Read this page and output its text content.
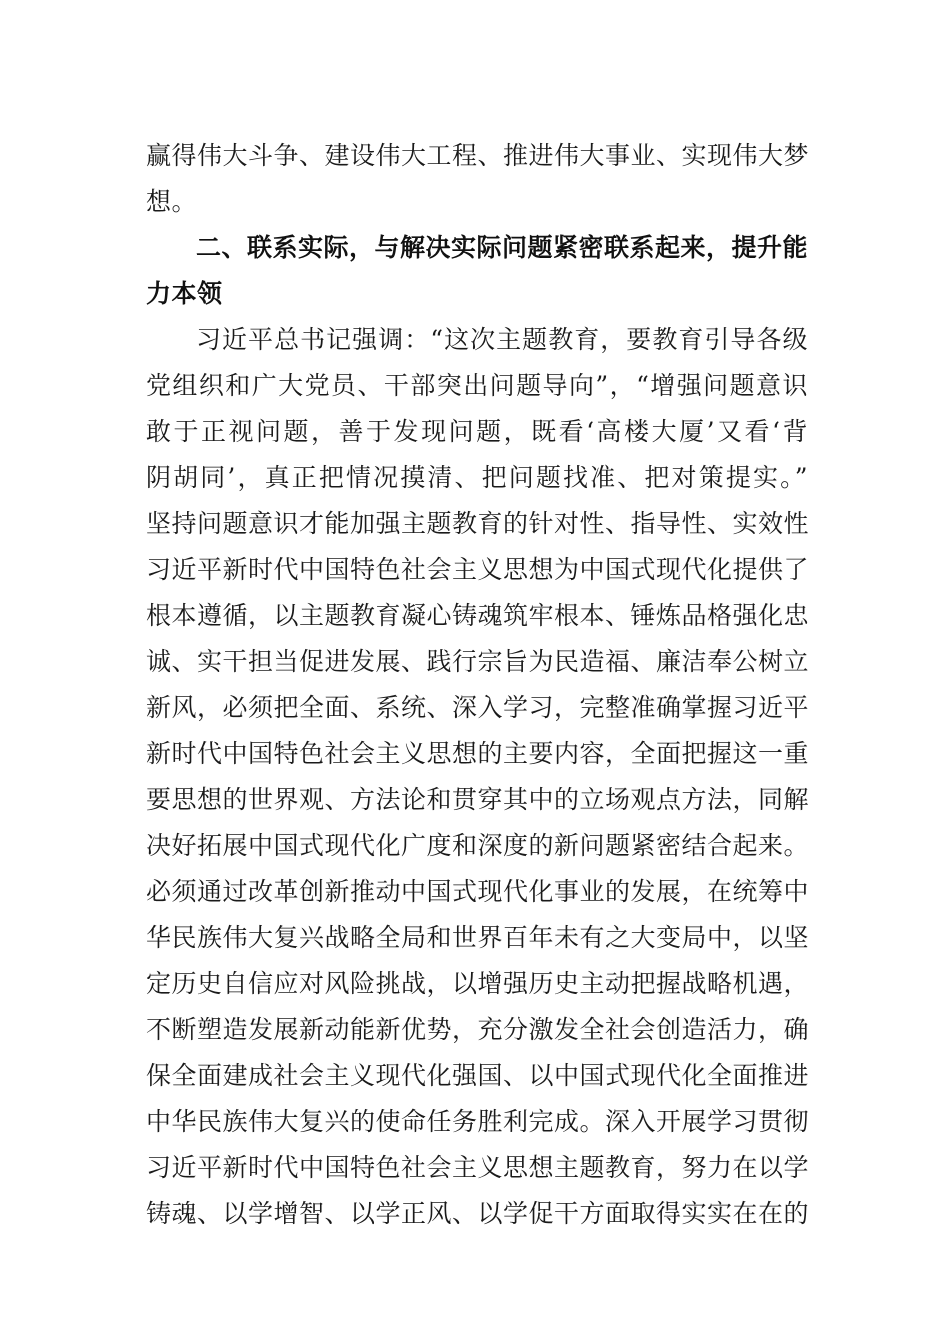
赢得伟大斗争、建设伟大工程、推进伟大事业、实现伟大梦
想。
二、联系实际，与解决实际问题紧密联系起来，提升能
力本领
习近平总书记强调：“这次主题教育，要教育引导各级
党组织和广大党员、干部突出问题导向”，“增强问题意识
敢于正视问题，善于发现问题，既看‘高楼大厦’又看‘背
阴胡同’，真正把情况摸清、把问题找准、把对策提实。”
坚持问题意识才能加强主题教育的针对性、指导性、实效性
习近平新时代中国特色社会主义思想为中国式现代化提供了
根本遵循，以主题教育凝心铸魂筑牢根本、锤炼品格强化忠
诚、实干担当促进发展、践行宗旨为民造福、廉洁奉公树立
新风，必须把全面、系统、深入学习，完整准确掌握习近平
新时代中国特色社会主义思想的主要内容，全面把握这一重
要思想的世界观、方法论和贯穿其中的立场观点方法，同解
决好拓展中国式现代化广度和深度的新问题紧密结合起来。
必须通过改革创新推动中国式现代化事业的发展，在统筹中
华民族伟大复兴战略全局和世界百年未有之大变局中，以坚
定历史自信应对风险挑战，以增强历史主动把握战略机遇，
不断塑造发展新动能新优势，充分激发全社会创造活力，确
保全面建成社会主义现代化强国、以中国式现代化全面推进
中华民族伟大复兴的使命任务胜利完成。深入开展学习贯彻
习近平新时代中国特色社会主义思想主题教育，努力在以学
铸魂、以学增智、以学正风、以学促干方面取得实实在在的
